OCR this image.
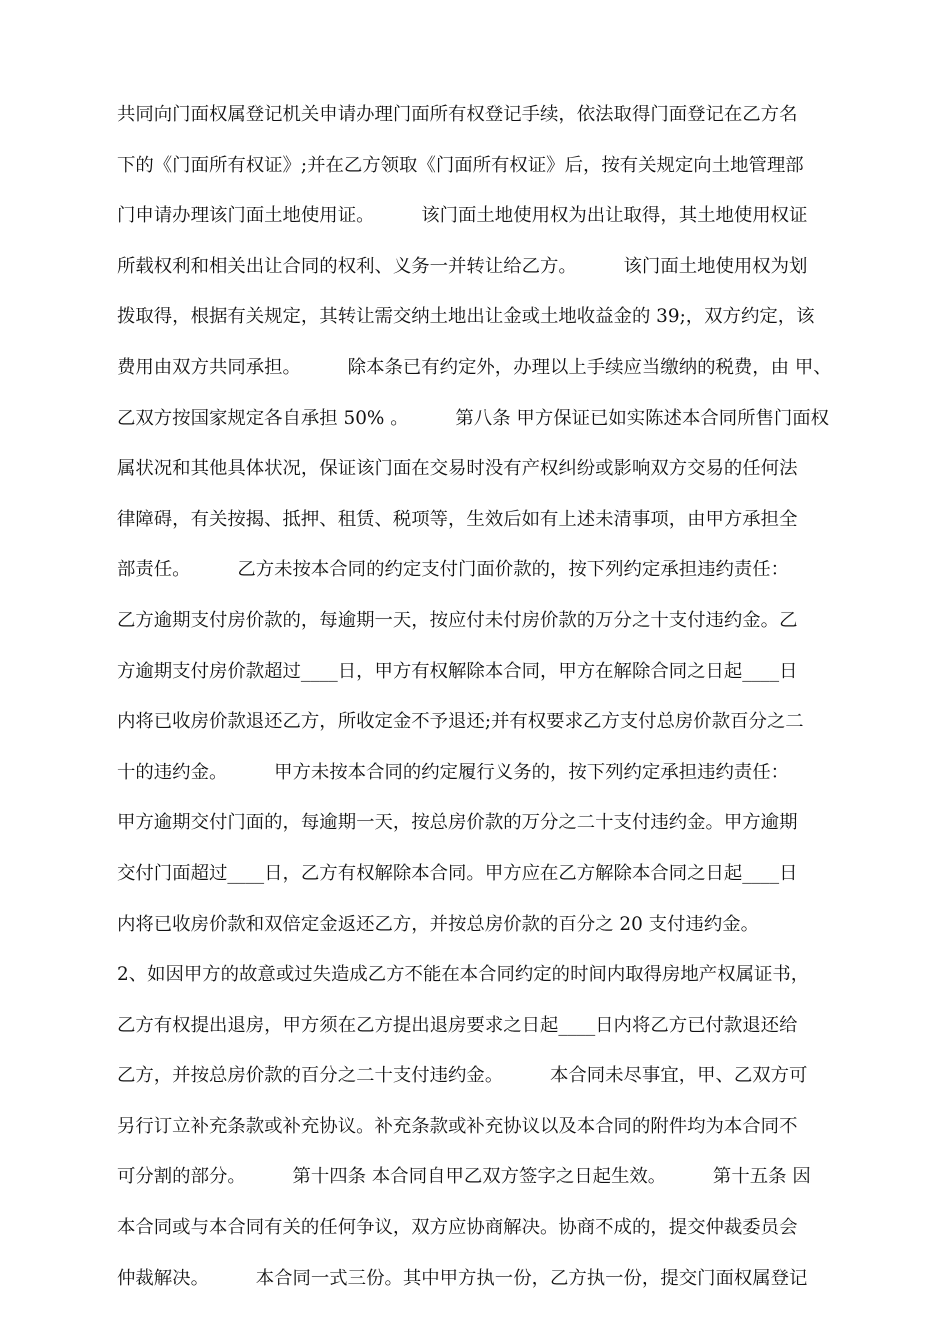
共同向门面权属登记机关申请办理门面所有权登记手续，依法取得门面登记在乙方名
下的《门面所有权证》;并在乙方领取《门面所有权证》后，按有关规定向土地管理部
门申请办理该门面土地使用证。        该门面土地使用权为出让取得，其土地使用权证
所载权利和相关出让合同的权利、义务一并转让给乙方。        该门面土地使用权为划
拨取得，根据有关规定，其转让需交纳土地出让金或土地收益金的 39;，双方约定，该
费用由双方共同承担。        除本条已有约定外，办理以上手续应当缴纳的税费，由 甲、
乙双方按国家规定各自承担 50% 。        第八条 甲方保证已如实陈述本合同所售门面权
属状况和其他具体状况，保证该门面在交易时没有产权纠纷或影响双方交易的任何法
律障碍，有关按揭、抵押、租赁、税项等，生效后如有上述未清事项，由甲方承担全
部责任。        乙方未按本合同的约定支付门面价款的，按下列约定承担违约责任：
乙方逾期支付房价款的，每逾期一天，按应付未付房价款的万分之十支付违约金。乙
方逾期支付房价款超过____日，甲方有权解除本合同，甲方在解除合同之日起____日
内将已收房价款退还乙方，所收定金不予退还;并有权要求乙方支付总房价款百分之二
十的违约金。        甲方未按本合同的约定履行义务的，按下列约定承担违约责任：
甲方逾期交付门面的，每逾期一天，按总房价款的万分之二十支付违约金。甲方逾期
交付门面超过____日，乙方有权解除本合同。甲方应在乙方解除本合同之日起____日
内将已收房价款和双倍定金返还乙方，并按总房价款的百分之 20 支付违约金。
2、如因甲方的故意或过失造成乙方不能在本合同约定的时间内取得房地产权属证书，
乙方有权提出退房，甲方须在乙方提出退房要求之日起____日内将乙方已付款退还给
乙方，并按总房价款的百分之二十支付违约金。        本合同未尽事宜，甲、乙双方可
另行订立补充条款或补充协议。补充条款或补充协议以及本合同的附件均为本合同不
可分割的部分。        第十四条 本合同自甲乙双方签字之日起生效。        第十五条 因
本合同或与本合同有关的任何争议，双方应协商解决。协商不成的，提交仲裁委员会
仲裁解决。        本合同一式三份。其中甲方执一份，乙方执一份，提交门面权属登记
